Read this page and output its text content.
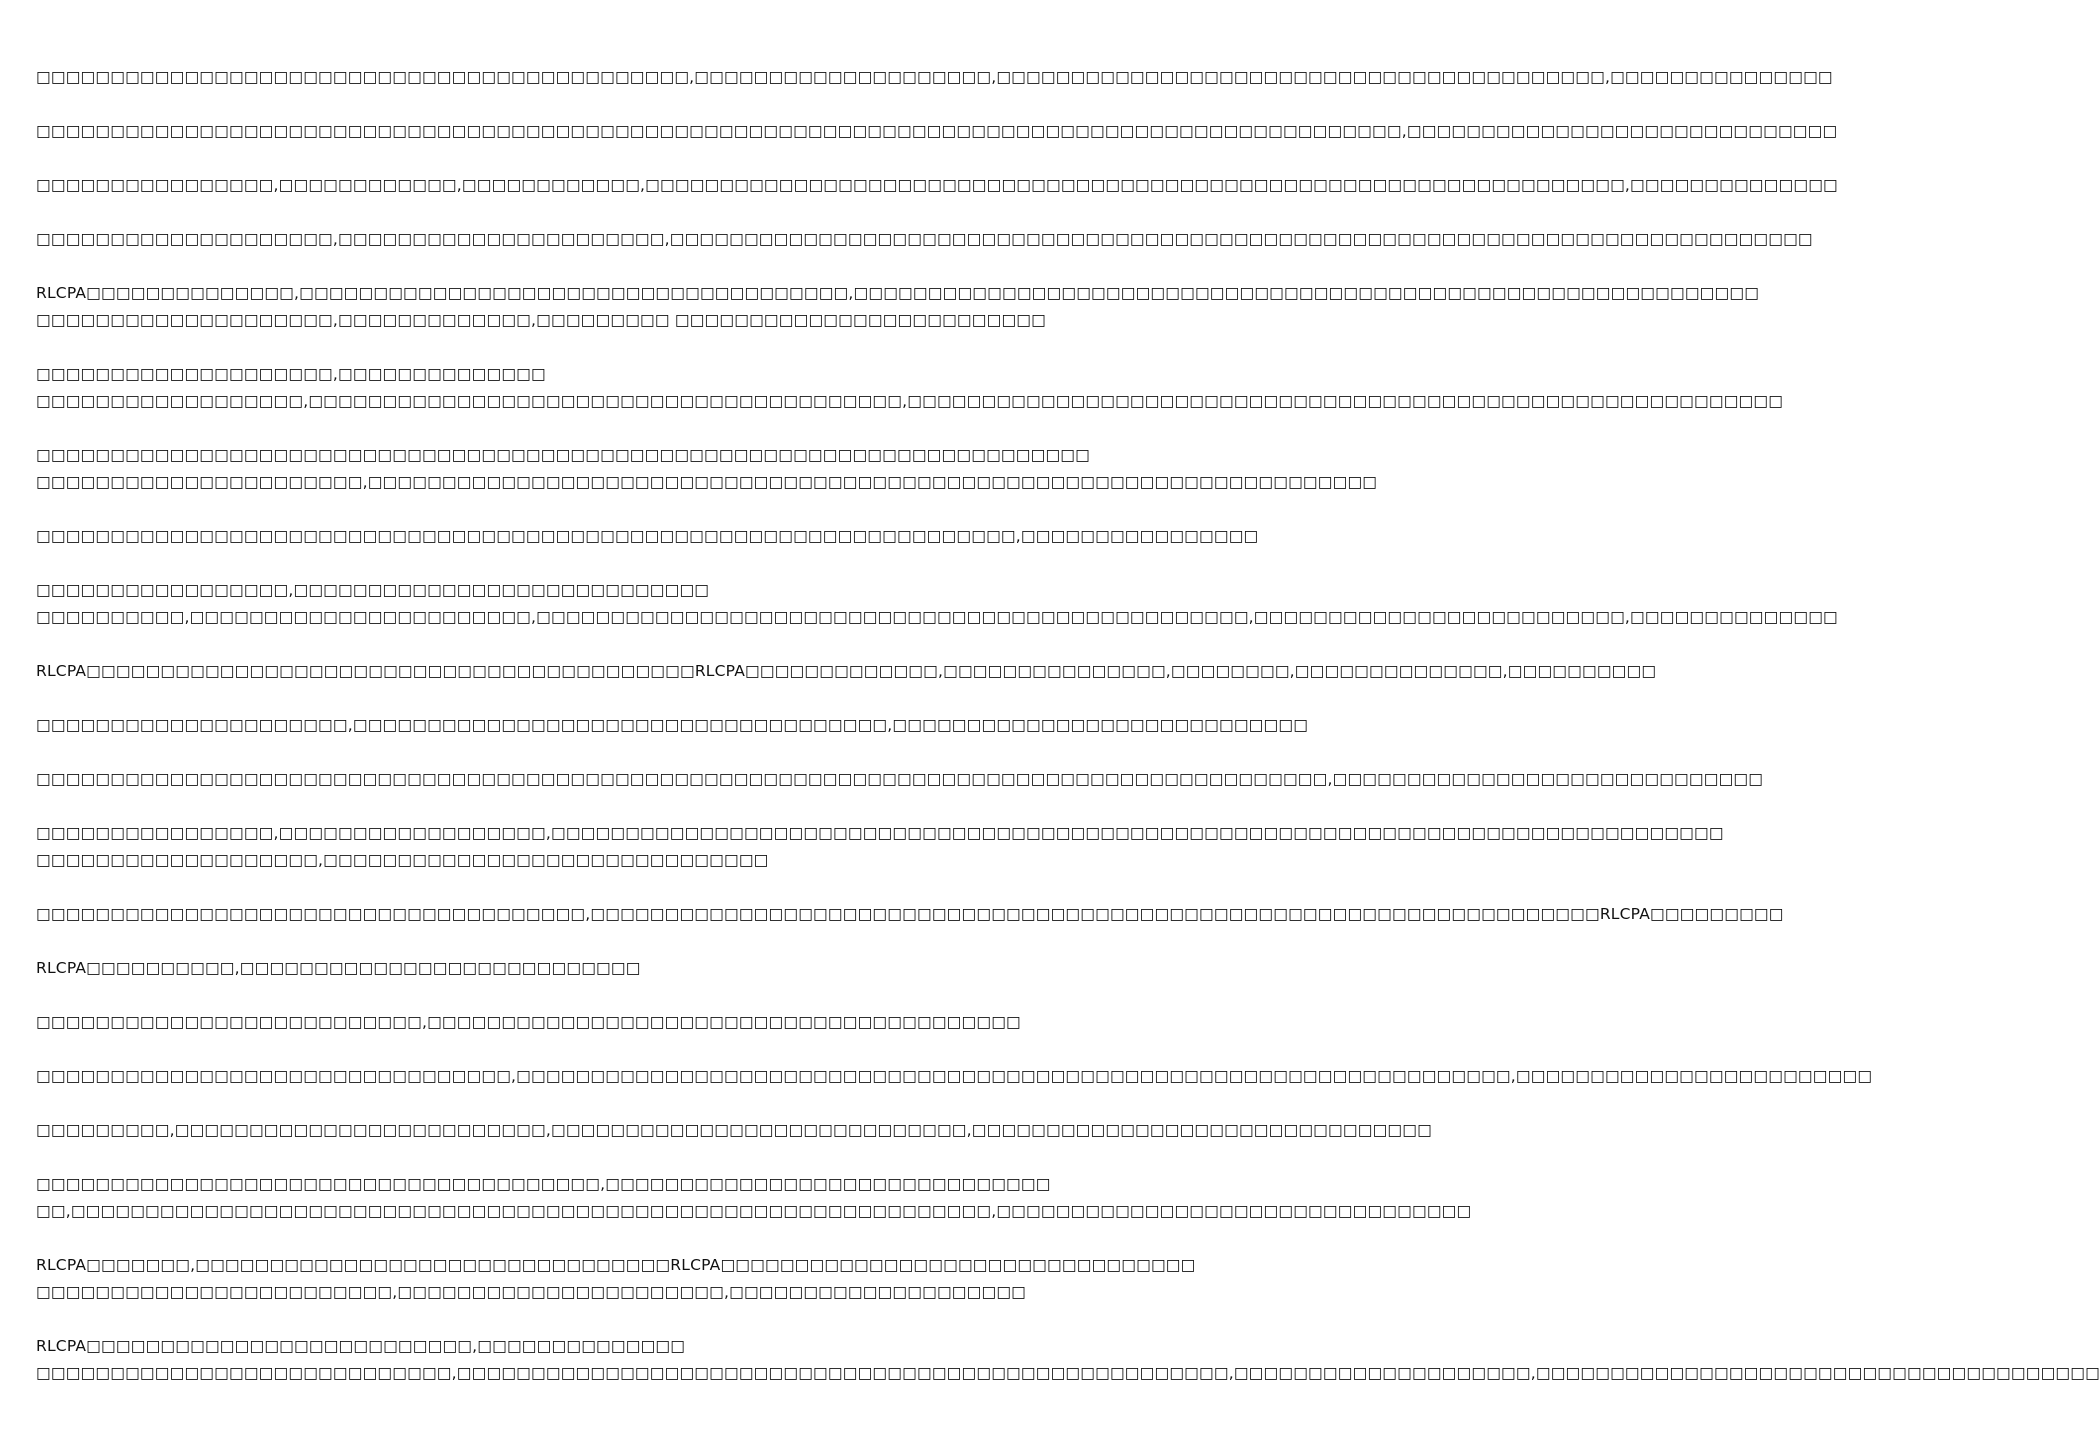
□□□□□□□□□□□□□□□□□□□□□□□□□□□□□□□□□□□□□□□□□□□□,□□□□□□□□□□□□□□□□□□□□,□□□□□□□□□□□□□□□□□□□□□□□□□□□□□□□□□□□□□□□□□,□□□□□□□□□□□□□□□
□□□□□□□□□□□□□□□□□□□□□□□□□□□□□□□□□□□□□□□□□□□□□□□□□□□□□□□□□□□□□□□□□□□□□□□□□□□□□□□□□□□□□□□□□□□□,□□□□□□□□□□□□□□□□□□□□□□□□□□□□□
□□□□□□□□□□□□□□□□,□□□□□□□□□□□□,□□□□□□□□□□□□,□□□□□□□□□□□□□□□□□□□□□□□□□□□□□□□□□□□□□□□□□□□□□□□□□□□□□□□□□□□□□□□□□□,□□□□□□□□□□□□□□
□□□□□□□□□□□□□□□□□□□□,□□□□□□□□□□□□□□□□□□□□□□,□□□□□□□□□□□□□□□□□□□□□□□□□□□□□□□□□□□□□□□□□□□□□□□□□□□□□□□□□□□□□□□□□□□□□□□□□□□□□
RLCPA□□□□□□□□□□□□□□,□□□□□□□□□□□□□□□□□□□□□□□□□□□□□□□□□□□□□,□□□□□□□□□□□□□□□□□□□□□□□□□□□□□□□□□□□□□□□□□□□□□□□□□□□□□□□□□□□□□
□□□□□□□□□□□□□□□□□□□□,□□□□□□□□□□□□□,□□□□□□□□□ □□□□□□□□□□□□□□□□□□□□□□□□□
□□□□□□□□□□□□□□□□□□□□,□□□□□□□□□□□□□□
□□□□□□□□□□□□□□□□□□,□□□□□□□□□□□□□□□□□□□□□□□□□□□□□□□□□□□□□□□□,□□□□□□□□□□□□□□□□□□□□□□□□□□□□□□□□□□□□□□□□□□□□□□□□□□□□□□□□□□□
□□□□□□□□□□□□□□□□□□□□□□□□□□□□□□□□□□□□□□□□□□□□□□□□□□□□□□□□□□□□□□□□□□□□□□□
□□□□□□□□□□□□□□□□□□□□□□,□□□□□□□□□□□□□□□□□□□□□□□□□□□□□□□□□□□□□□□□□□□□□□□□□□□□□□□□□□□□□□□□□□□□
□□□□□□□□□□□□□□□□□□□□□□□□□□□□□□□□□□□□□□□□□□□□□□□□□□□□□□□□□□□□□□□□□□,□□□□□□□□□□□□□□□□
□□□□□□□□□□□□□□□□□,□□□□□□□□□□□□□□□□□□□□□□□□□□□□
□□□□□□□□□□,□□□□□□□□□□□□□□□□□□□□□□□,□□□□□□□□□□□□□□□□□□□□□□□□□□□□□□□□□□□□□□□□□□□□□□□□,□□□□□□□□□□□□□□□□□□□□□□□□□,□□□□□□□□□□□□□□
RLCPA□□□□□□□□□□□□□□□□□□□□□□□□□□□□□□□□□□□□□□□□□RLCPA□□□□□□□□□□□□□,□□□□□□□□□□□□□□□,□□□□□□□□,□□□□□□□□□□□□□□,□□□□□□□□□□
□□□□□□□□□□□□□□□□□□□□□,□□□□□□□□□□□□□□□□□□□□□□□□□□□□□□□□□□□□,□□□□□□□□□□□□□□□□□□□□□□□□□□□□
□□□□□□□□□□□□□□□□□□□□□□□□□□□□□□□□□□□□□□□□□□□□□□□□□□□□□□□□□□□□□□□□□□□□□□□□□□□□□□□□□□□□□□□,□□□□□□□□□□□□□□□□□□□□□□□□□□□□□
□□□□□□□□□□□□□□□□,□□□□□□□□□□□□□□□□□□,□□□□□□□□□□□□□□□□□□□□□□□□□□□□□□□□□□□□□□□□□□□□□□□□□□□□□□□□□□□□□□□□□□□□□□□□□□□□□□□
□□□□□□□□□□□□□□□□□□□,□□□□□□□□□□□□□□□□□□□□□□□□□□□□□□
□□□□□□□□□□□□□□□□□□□□□□□□□□□□□□□□□□□□□,□□□□□□□□□□□□□□□□□□□□□□□□□□□□□□□□□□□□□□□□□□□□□□□□□□□□□□□□□□□□□□□□□□□□RLCPA□□□□□□□□□
RLCPA□□□□□□□□□□,□□□□□□□□□□□□□□□□□□□□□□□□□□□
□□□□□□□□□□□□□□□□□□□□□□□□□□,□□□□□□□□□□□□□□□□□□□□□□□□□□□□□□□□□□□□□□□□
□□□□□□□□□□□□□□□□□□□□□□□□□□□□□□□□,□□□□□□□□□□□□□□□□□□□□□□□□□□□□□□□□□□□□□□□□□□□□□□□□□□□□□□□□□□□□□□□□□□□,□□□□□□□□□□□□□□□□□□□□□□□□
□□□□□□□□□,□□□□□□□□□□□□□□□□□□□□□□□□□,□□□□□□□□□□□□□□□□□□□□□□□□□□□□,□□□□□□□□□□□□□□□□□□□□□□□□□□□□□□□
□□□□□□□□□□□□□□□□□□□□□□□□□□□□□□□□□□□□□□,□□□□□□□□□□□□□□□□□□□□□□□□□□□□□□
□□,□□□□□□□□□□□□□□□□□□□□□□□□□□□□□□□□□□□□□□□□□□□□□□□□□□□□□□□□□□□□□□,□□□□□□□□□□□□□□□□□□□□□□□□□□□□□□□□
RLCPA□□□□□□□,□□□□□□□□□□□□□□□□□□□□□□□□□□□□□□□□RLCPA□□□□□□□□□□□□□□□□□□□□□□□□□□□□□□□□
□□□□□□□□□□□□□□□□□□□□□□□□,□□□□□□□□□□□□□□□□□□□□□□,□□□□□□□□□□□□□□□□□□□□
RLCPA□□□□□□□□□□□□□□□□□□□□□□□□□□,□□□□□□□□□□□□□□
□□□□□□□□□□□□□□□□□□□□□□□□□□□□,□□□□□□□□□□□□□□□□□□□□□□□□□□□□□□□□□□□□□□□□□□□□□□□□□□□□,□□□□□□□□□□□□□□□□□□□□,□□□□□□□□□□□□□□□□□□□□□□□□□□□□□□□□□□□□□□
